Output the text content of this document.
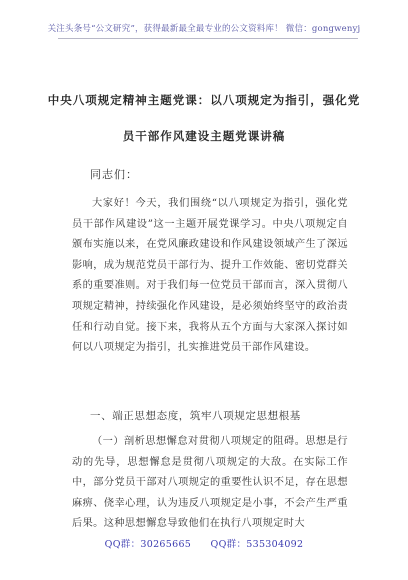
关注头条号“公文研究”，获得最新最全最专业的公文资料库！ 微信：gongwenyj
中央八项规定精神主题党课：以八项规定为指引，强化党
员干部作风建设主题党课讲稿
同志们：

大家好！今天，我们围绕“以八项规定为指引，强化党员干部作风建设”这一主题开展党课学习。中央八项规定自颁布实施以来，在党风廉政建设和作风建设领域产生了深远影响，成为规范党员干部行为、提升工作效能、密切党群关系的重要准则。对于我们每一位党员干部而言，深入贯彻八项规定精神，持续强化作风建设，是必须始终坚守的政治责任和行动自觉。接下来，我将从五个方面与大家深入探讨如何以八项规定为指引，扎实推进党员干部作风建设。

一、端正思想态度，筑牢八项规定思想根基

（一）剖析思想懈怠对贯彻八项规定的阻碍。思想是行动的先导，思想懈怠是贯彻八项规定的大敌。在实际工作中，部分党员干部对八项规定的重要性认识不足，存在思想麻痹、侥幸心理，认为违反八项规定是小事，不会产生严重后果。这种思想懈怠导致他们在执行八项规定时大

QQ群：30265665 QQ群：535304092
